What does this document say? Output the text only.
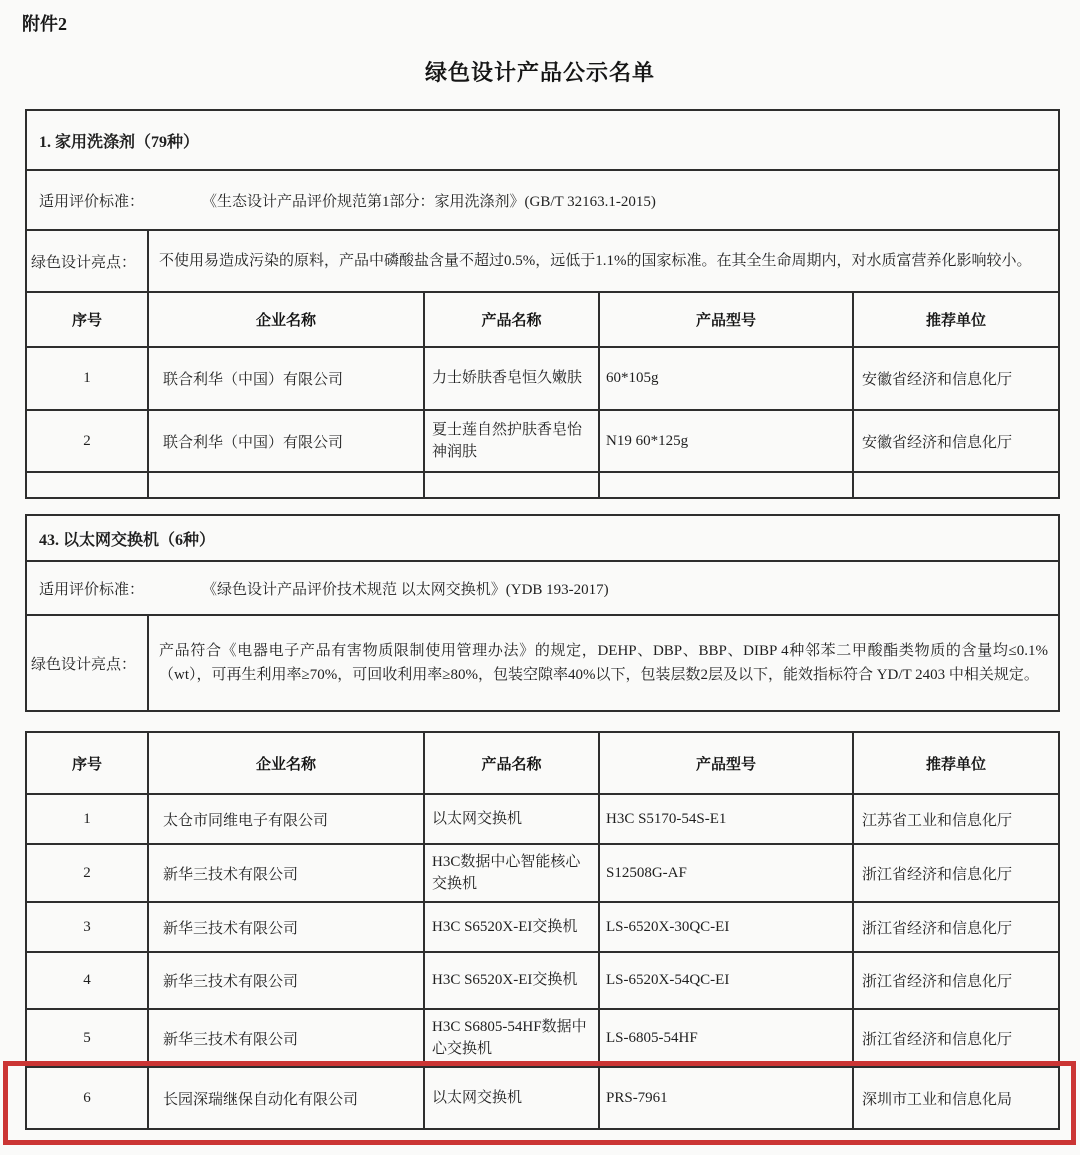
附件2
绿色设计产品公示名单
1. 家用洗涤剂（79种）				
适用评价标准： 《生态设计产品评价规范第1部分：家用洗涤剂》(GB/T 32163.1-2015)				
绿色设计亮点：	不使用易造成污染的原料，产品中磷酸盐含量不超过0.5%，远低于1.1%的国家标准。在其全生命周期内，对水质富营养化影响较小。			
序号	企业名称	产品名称	产品型号	推荐单位
1	联合利华（中国）有限公司	力士娇肤香皂恒久嫩肤	60*105g	安徽省经济和信息化厅
2	联合利华（中国）有限公司	夏士莲自然护肤香皂怡神润肤	N19 60*125g	安徽省经济和信息化厅

43. 以太网交换机（6种）
适用评价标准：	《绿色设计产品评价技术规范 以太网交换机》(YDB 193-2017)
绿色设计亮点：	产品符合《电器电子产品有害物质限制使用管理办法》的规定，DEHP、DBP、BBP、DIBP 4种邻苯二甲酸酯类物质的含量均≤0.1%（wt），可再生利用率≥70%，可回收利用率≥80%，包装空隙率40%以下，包装层数2层及以下，能效指标符合 YD/T 2403 中相关规定。
序号	企业名称	产品名称	产品型号	推荐单位
1	太仓市同维电子有限公司	以太网交换机	H3C S5170-54S-E1	江苏省工业和信息化厅
2	新华三技术有限公司	H3C数据中心智能核心交换机	S12508G-AF	浙江省经济和信息化厅
3	新华三技术有限公司	H3C S6520X-EI交换机	LS-6520X-30QC-EI	浙江省经济和信息化厅
4	新华三技术有限公司	H3C S6520X-EI交换机	LS-6520X-54QC-EI	浙江省经济和信息化厅
5	新华三技术有限公司	H3C S6805-54HF数据中心交换机	LS-6805-54HF	浙江省经济和信息化厅
6	长园深瑞继保自动化有限公司	以太网交换机	PRS-7961	深圳市工业和信息化局
